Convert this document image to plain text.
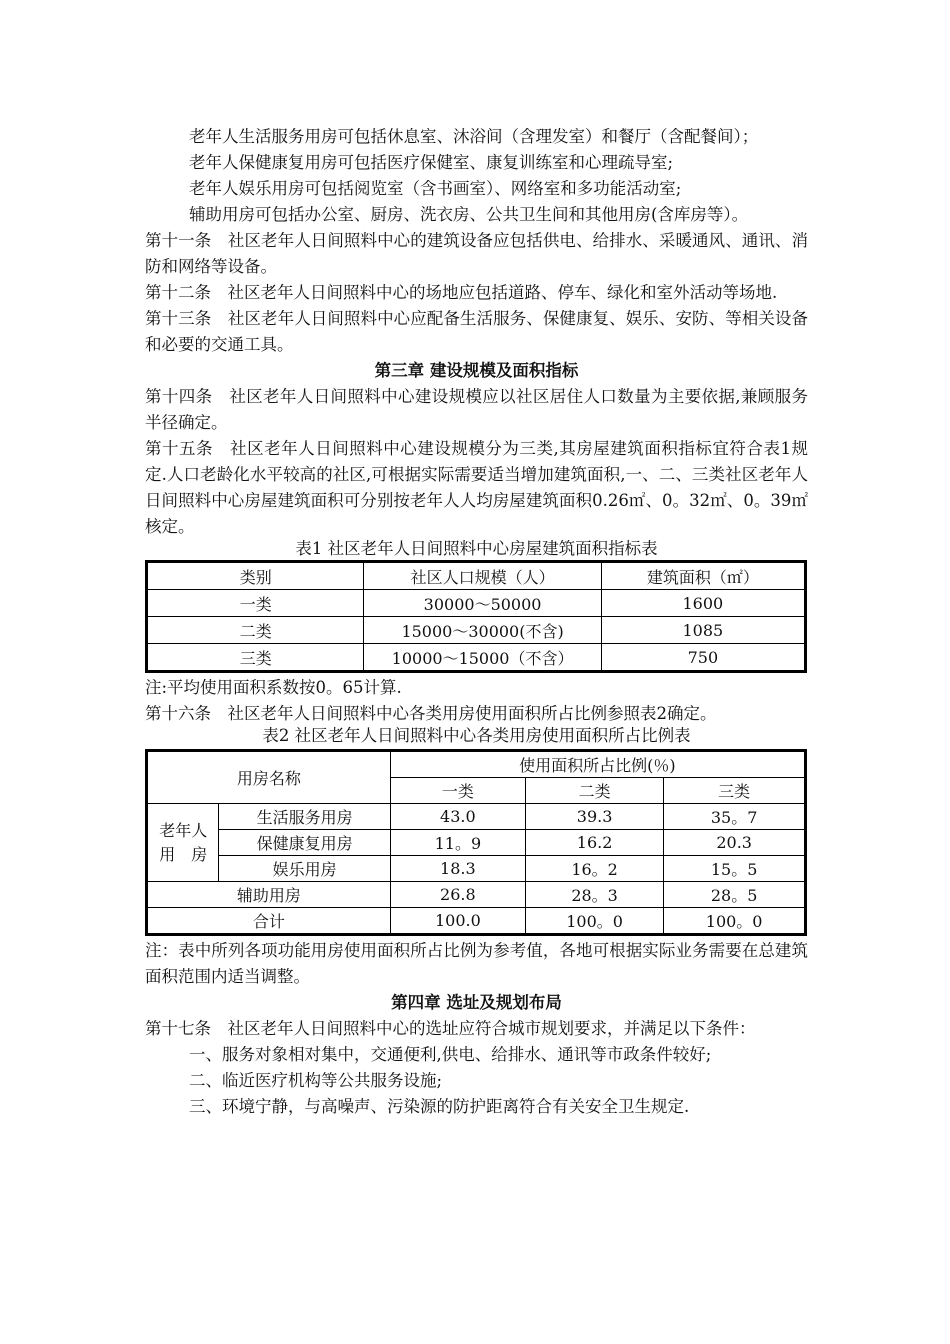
老年人生活服务用房可包括休息室、沐浴间（含理发室）和餐厅（含配餐间）；

老年人保健康复用房可包括医疗保健室、康复训练室和心理疏导室;

老年人娱乐用房可包括阅览室（含书画室）、网络室和多功能活动室;

辅助用房可包括办公室、厨房、洗衣房、公共卫生间和其他用房(含库房等）。

第十一条　社区老年人日间照料中心的建筑设备应包括供电、给排水、采暖通风、通讯、消防和网络等设备。

第十二条　社区老年人日间照料中心的场地应包括道路、停车、绿化和室外活动等场地.

第十三条　社区老年人日间照料中心应配备生活服务、保健康复、娱乐、安防、等相关设备和必要的交通工具。

第三章 建设规模及面积指标

第十四条　社区老年人日间照料中心建设规模应以社区居住人口数量为主要依据,兼顾服务半径确定。

第十五条　社区老年人日间照料中心建设规模分为三类,其房屋建筑面积指标宜符合表1规定.人口老龄化水平较高的社区,可根据实际需要适当增加建筑面积,一、二、三类社区老年人日间照料中心房屋建筑面积可分别按老年人人均房屋建筑面积0.26㎡、0。32㎡、0。39㎡核定。

表1 社区老年人日间照料中心房屋建筑面积指标表
类别	社区人口规模（人）	建筑面积（㎡）
一类	30000～50000	1600
二类	15000～30000(不含)	1085
三类	10000～15000（不含）	750

注:平均使用面积系数按0。65计算.

第十六条　社区老年人日间照料中心各类用房使用面积所占比例参照表2确定。

表2 社区老年人日间照料中心各类用房使用面积所占比例表
用房名称		使用面积所占比例(％)		
		一类	二类	三类

老年人
用　房	生活服务用房	43.0	39.3	35。7
	保健康复用房	11。9	16.2	20.3
	娱乐用房	18.3	16。2	15。5
辅助用房		26.8	28。3	28。5
合计		100.0	100。0	100。0

注：表中所列各项功能用房使用面积所占比例为参考值，各地可根据实际业务需要在总建筑面积范围内适当调整。

第四章 选址及规划布局

第十七条　社区老年人日间照料中心的选址应符合城市规划要求，并满足以下条件：

一、服务对象相对集中，交通便利,供电、给排水、通讯等市政条件较好;

二、临近医疗机构等公共服务设施;

三、环境宁静，与高噪声、污染源的防护距离符合有关安全卫生规定.
